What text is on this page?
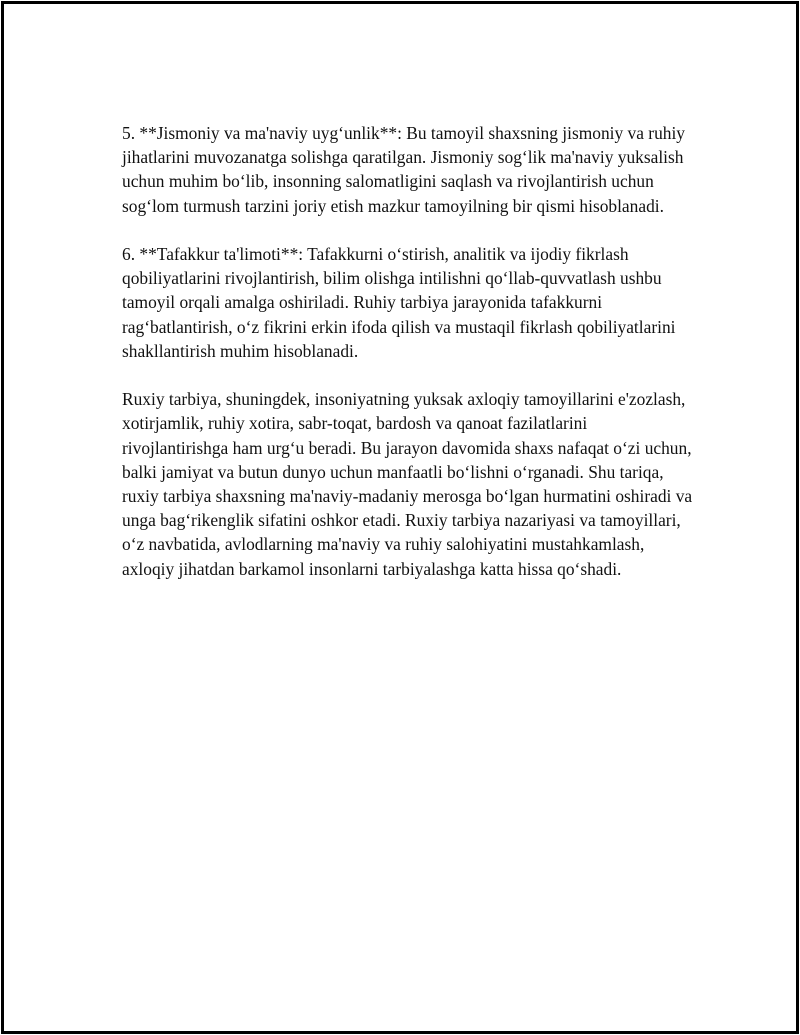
5. **Jismoniy va ma'naviy uyg‘unlik**: Bu tamoyil shaxsning jismoniy va ruhiy jihatlarini muvozanatga solishga qaratilgan. Jismoniy sog‘lik ma'naviy yuksalish uchun muhim bo‘lib, insonning salomatligini saqlash va rivojlantirish uchun sog‘lom turmush tarzini joriy etish mazkur tamoyilning bir qismi hisoblanadi.

6. **Tafakkur ta'limoti**: Tafakkurni o‘stirish, analitik va ijodiy fikrlash qobiliyatlarini rivojlantirish, bilim olishga intilishni qo‘llab-quvvatlash ushbu tamoyil orqali amalga oshiriladi. Ruhiy tarbiya jarayonida tafakkurni rag‘batlantirish, o‘z fikrini erkin ifoda qilish va mustaqil fikrlash qobiliyatlarini shakllantirish muhim hisoblanadi.

Ruxiy tarbiya, shuningdek, insoniyatning yuksak axloqiy tamoyillarini e'zozlash, xotirjamlik, ruhiy xotira, sabr-toqat, bardosh va qanoat fazilatlarini rivojlantirishga ham urg‘u beradi. Bu jarayon davomida shaxs nafaqat o‘zi uchun, balki jamiyat va butun dunyo uchun manfaatli bo‘lishni o‘rganadi. Shu tariqa, ruxiy tarbiya shaxsning ma'naviy-madaniy merosga bo‘lgan hurmatini oshiradi va unga bag‘rikenglik sifatini oshkor etadi. Ruxiy tarbiya nazariyasi va tamoyillari, o‘z navbatida, avlodlarning ma'naviy va ruhiy salohiyatini mustahkamlash, axloqiy jihatdan barkamol insonlarni tarbiyalashga katta hissa qo‘shadi.
